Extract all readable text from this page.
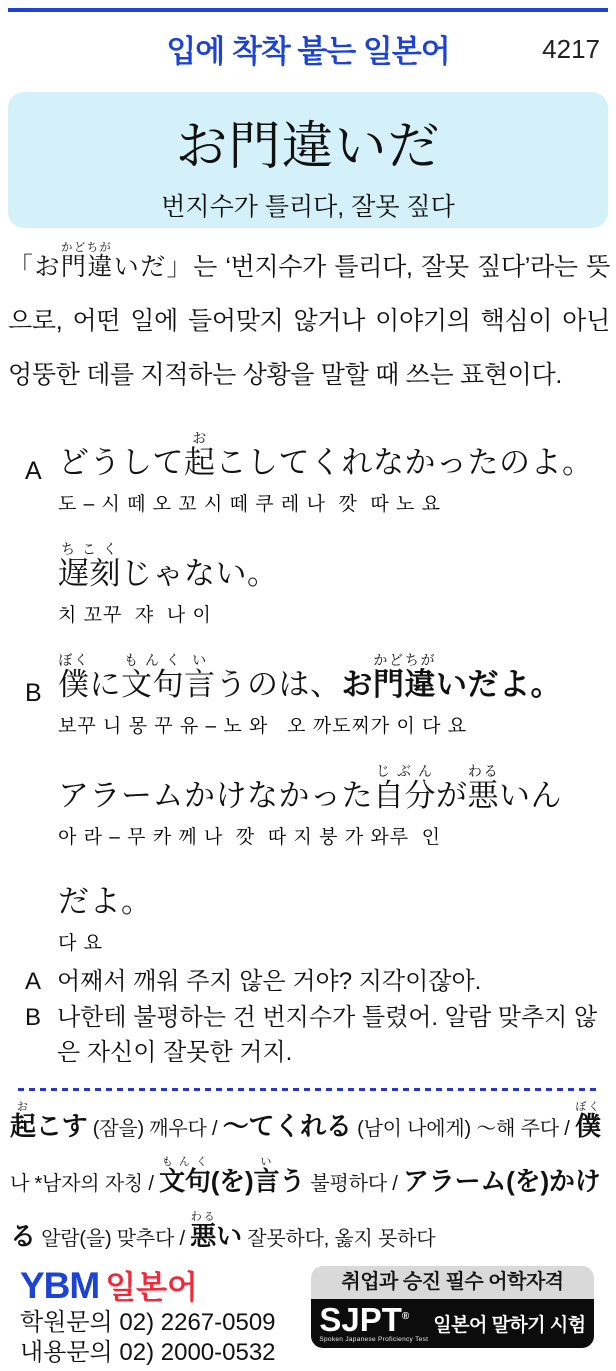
입에 착착 붙는 일본어	4217
お門違いだ
번지수가 틀리다, 잘못 짚다
「お門違かどちがいだ」는 ‘번지수가 틀리다, 잘못 짚다’라는 뜻으로, 어떤 일에 들어맞지 않거나 이야기의 핵심이 아닌 엉뚱한 데를 지적하는 상황을 말할 때 쓰는 표현이다.
A どうして起おこしてくれなかったのよ。
도 – 시 떼 오 꼬 시 떼 쿠 레 나  깟  따 노 요
遅刻ちこくじゃない。
치 꼬꾸  쟈  나 이
B 僕ぼくに文句もんく言いうのは、お門違かどちがいだよ。
보꾸 니 몽 꾸 유 – 노 와   오 까도찌가 이 다 요
アラームかけなかった自分じぶんが悪わるいん
아 라 – 무 카 께 나  깟  따 지 붕 가 와루  인
だよ。
다 요
A 어째서 깨워 주지 않은 거야? 지각이잖아.
B 나한테 불평하는 건 번지수가 틀렸어. 알람 맞추지 않은 자신이 잘못한 거지.
起おこす (잠을) 깨우다 / ～てくれる (남이 나에게) ～해 주다 / 僕ぼく 나 *남자의 자칭 / 文句もんく(を)言いう 불평하다 / アラーム(を)かける 알람(을) 맞추다 / 悪わるい 잘못하다, 옳지 못하다
YBM 일본어
학원문의 02) 2267-0509
내용문의 02) 2000-0532
취업과 승진 필수 어학자격
SJPT®
Spoken Japanese Proficiency Test
일본어 말하기 시험
